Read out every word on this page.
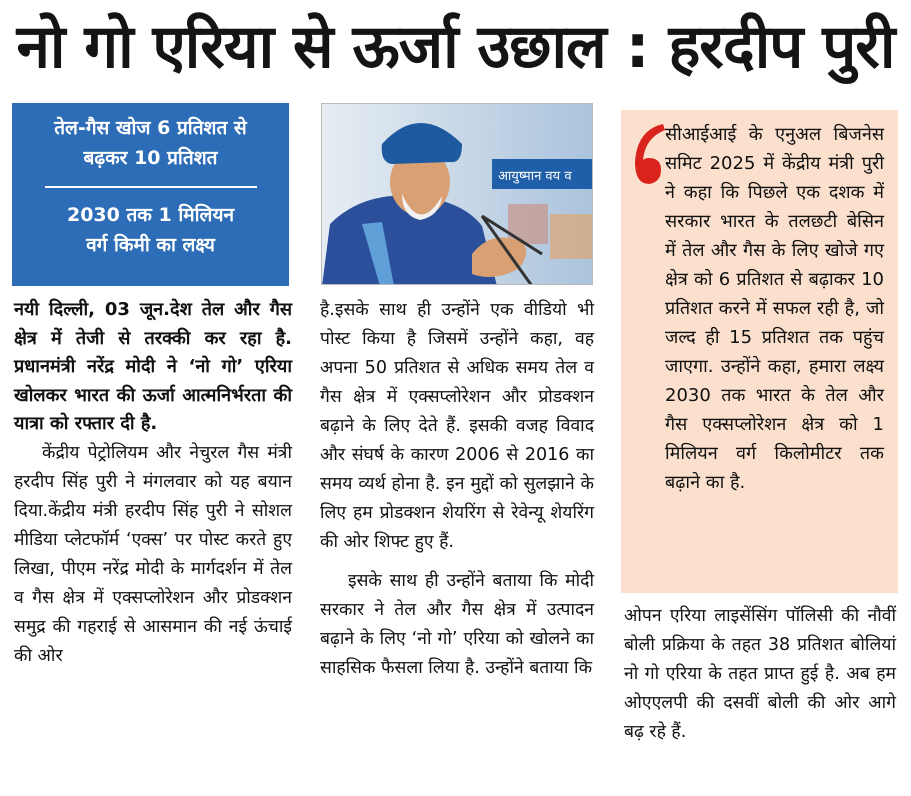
नो गो एरिया से ऊर्जा उछाल : हरदीप पुरी
तेल-गैस खोज 6 प्रतिशत से बढ़कर 10 प्रतिशत
2030 तक 1 मिलियन वर्ग किमी का लक्ष्य
आयुष्मान वय व

नयी दिल्ली, 03 जून.देश तेल और गैस क्षेत्र में तेजी से तरक्की कर रहा है. प्रधानमंत्री नरेंद्र मोदी ने ‘नो गो’ एरिया खोलकर भारत की ऊर्जा आत्मनिर्भरता की यात्रा को रफ्तार दी है.

केंद्रीय पेट्रोलियम और नेचुरल गैस मंत्री हरदीप सिंह पुरी ने मंगलवार को यह बयान दिया.केंद्रीय मंत्री हरदीप सिंह पुरी ने सोशल मीडिया प्लेटफॉर्म ‘एक्स’ पर पोस्ट करते हुए लिखा, पीएम नरेंद्र मोदी के मार्गदर्शन में तेल व गैस क्षेत्र में एक्सप्लोरेशन और प्रोडक्शन समुद्र की गहराई से आसमान की नई ऊंचाई की ओर

है.इसके साथ ही उन्होंने एक वीडियो भी पोस्ट किया है जिसमें उन्होंने कहा, वह अपना 50 प्रतिशत से अधिक समय तेल व गैस क्षेत्र में एक्सप्लोरेशन और प्रोडक्शन बढ़ाने के लिए देते हैं. इसकी वजह विवाद और संघर्ष के कारण 2006 से 2016 का समय व्यर्थ होना है. इन मुद्दों को सुलझाने के लिए हम प्रोडक्शन शेयरिंग से रेवेन्यू शेयरिंग की ओर शिफ्ट हुए हैं.

इसके साथ ही उन्होंने बताया कि मोदी सरकार ने तेल और गैस क्षेत्र में उत्पादन बढ़ाने के लिए ‘नो गो’ एरिया को खोलने का साहसिक फैसला लिया है. उन्होंने बताया कि

सीआईआई के एनुअल बिजनेस समिट 2025 में केंद्रीय मंत्री पुरी ने कहा कि पिछले एक दशक में सरकार भारत के तलछटी बेसिन में तेल और गैस के लिए खोजे गए क्षेत्र को 6 प्रतिशत से बढ़ाकर 10 प्रतिशत करने में सफल रही है, जो जल्द ही 15 प्रतिशत तक पहुंच जाएगा. उन्होंने कहा, हमारा लक्ष्य 2030 तक भारत के तेल और गैस एक्सप्लोरेशन क्षेत्र को 1 मिलियन वर्ग किलोमीटर तक बढ़ाने का है.

ओपन एरिया लाइसेंसिंग पॉलिसी की नौवीं बोली प्रक्रिया के तहत 38 प्रतिशत बोलियां नो गो एरिया के तहत प्राप्त हुई है. अब हम ओएएलपी की दसवीं बोली की ओर आगे बढ़ रहे हैं.
